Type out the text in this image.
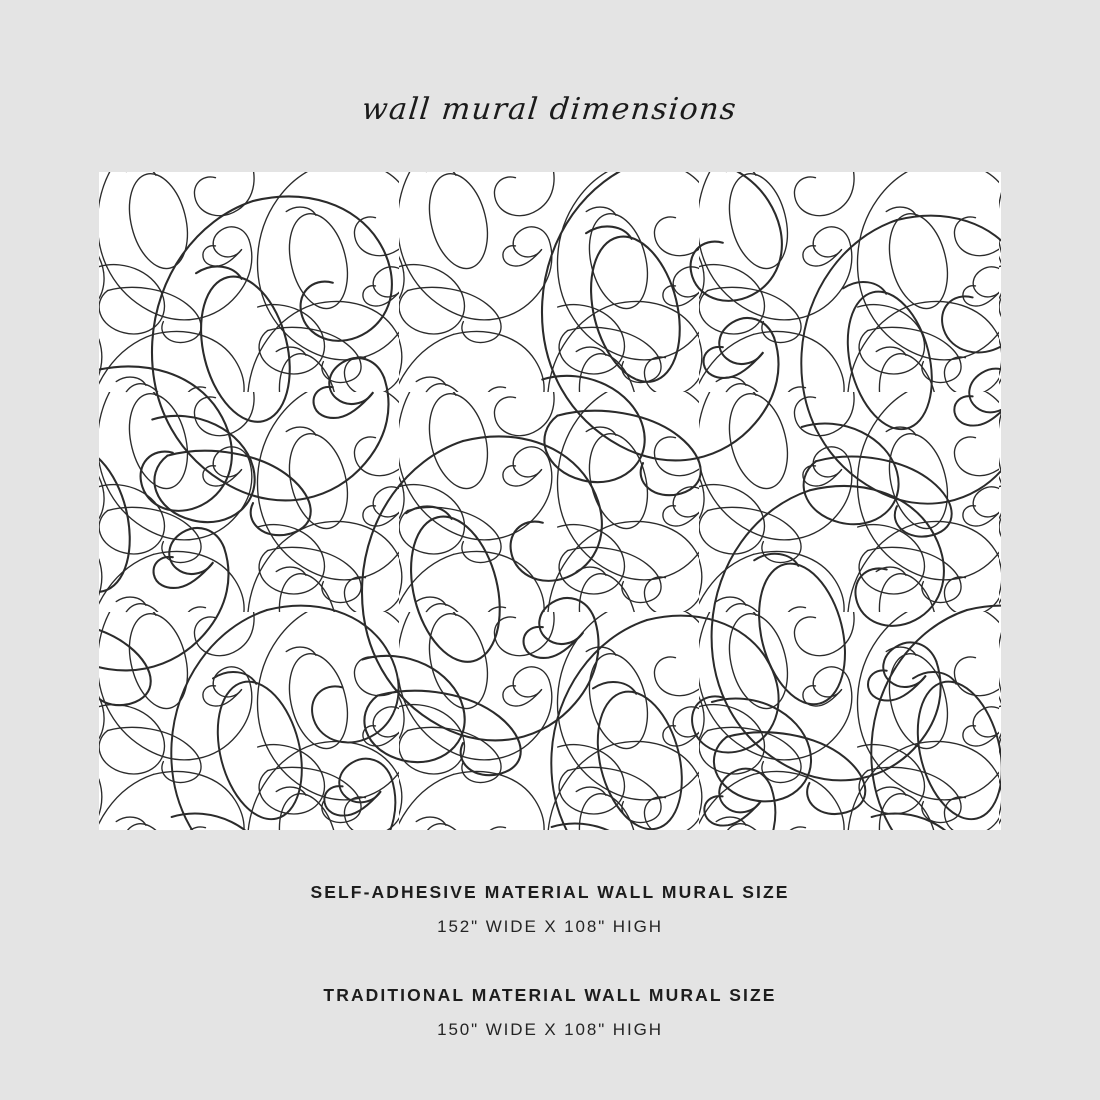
wall mural dimensions
SELF-ADHESIVE MATERIAL WALL MURAL SIZE
152" WIDE X 108" HIGH
TRADITIONAL MATERIAL WALL MURAL SIZE
150" WIDE X 108" HIGH
